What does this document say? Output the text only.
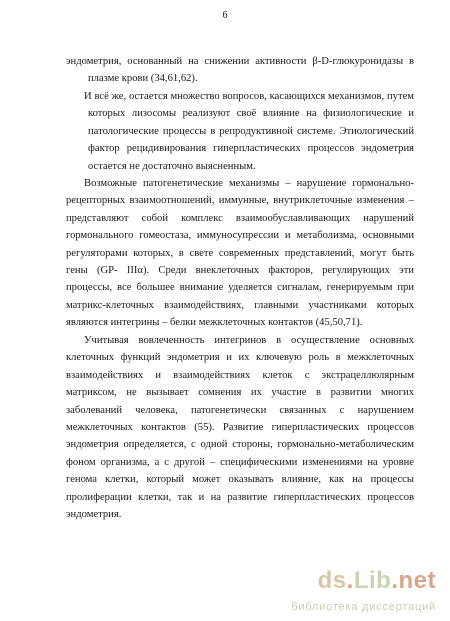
6
эндометрия, основанный на снижении активности β-D-глюкуронидазы в
плазме крови (34,61,62).
И всё же, остается множество вопросов, касающихся механизмов, путем
которых лизосомы реализуют своё влияние на физиологические и
патологические процессы в репродуктивной системе. Этиологический
фактор рецидивирования гиперпластических процессов эндометрия
остается не достаточно выясненным.
Возможные патогенетические механизмы – нарушение гормонально-
рецепторных взаимоотношений, иммунные, внутриклеточные изменения –
представляют собой комплекс взаимообуславливающих нарушений
гормонального гомеостаза, иммуносупрессии и метаболизма, основными
регуляторами которых, в свете современных представлений, могут быть
гены (GP- IIIα). Среди внеклеточных факторов, регулирующих эти
процессы, все большее внимание уделяется сигналам, генерируемым при
матрикс-клеточных взаимодействиях, главными участниками которых
являются интегрины – белки межклеточных контактов (45,50,71).
Учитывая вовлеченность интегринов в осуществление основных
клеточных функций эндометрия и их ключевую роль в межклеточных
взаимодействиях и взаимодействиях клеток с экстрацеллюлярным
матриксом, не вызывает сомнения их участие в развитии многих
заболеваний человека, патогенетически связанных с нарушением
межклеточных контактов (55). Развитие гиперпластических процессов
эндометрия определяется, с одной стороны, гормонально-метаболическим
фоном организма, а с другой – специфическими изменениями на уровне
генома клетки, который может оказывать влияние, как на процессы
пролиферации клетки, так и на развитие гиперпластических процессов
эндометрия.
ds.Lib.net
библиотека диссертаций
